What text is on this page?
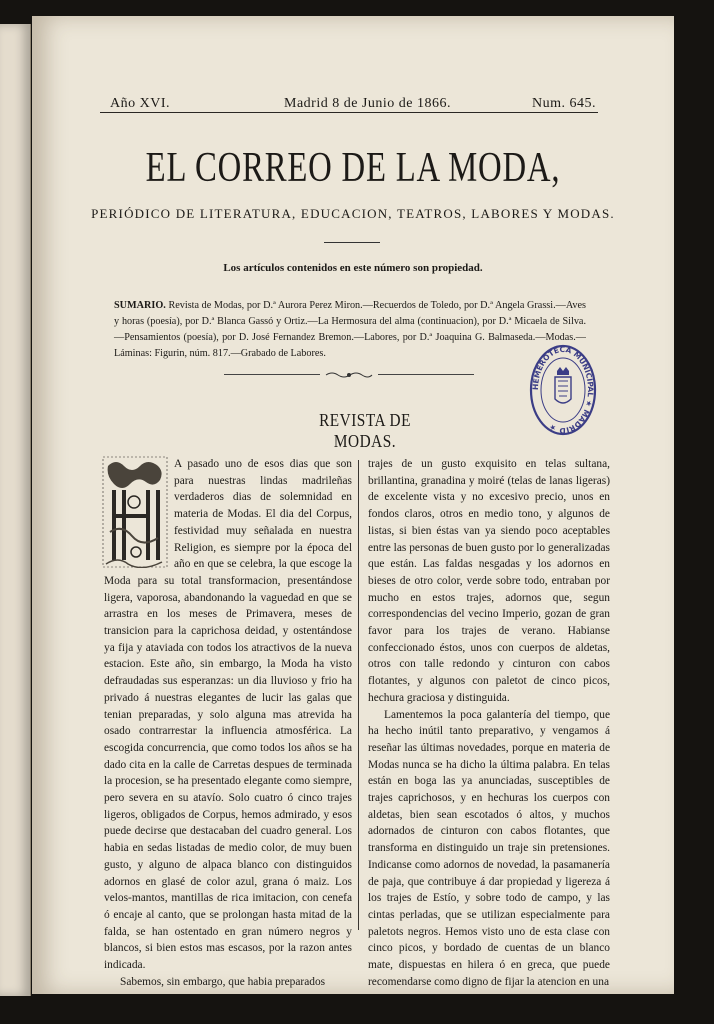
Año XVI.	Madrid 8 de Junio de 1866.	Num. 645.
EL CORREO DE LA MODA,
PERIÓDICO DE LITERATURA, EDUCACION, TEATROS, LABORES Y MODAS.
Los artículos contenidos en este número son propiedad.
SUMARIO. Revista de Modas, por D.ª Aurora Perez Miron.—Recuerdos de Toledo, por D.ª Angela Grassi.—Aves y horas (poesía), por D.ª Blanca Gassó y Ortiz.—La Hermosura del alma (continuacion), por D.ª Micaela de Silva.—Pensamientos (poesía), por D. José Fernandez Bremon.—Labores, por D.ª Joaquina G. Balmaseda.—Modas.—Láminas: Figurin, núm. 817.—Grabado de Labores.
HEMEROTECA MUNICIPAL ★ MADRID ★
REVISTA DE MODAS.

A pasado uno de esos dias que son para nuestras lindas madrileñas verdaderos dias de solemnidad en materia de Modas. El dia del Corpus, festividad muy señalada en nuestra Religion, es siempre por la época del año en que se celebra, la que escoge la Moda para su total transformacion, presentándose ligera, vaporosa, abandonando la vaguedad en que se arrastra en los meses de Primavera, meses de transicion para la caprichosa deidad, y ostentándose ya fija y ataviada con todos los atractivos de la nueva estacion. Este año, sin embargo, la Moda ha visto defraudadas sus esperanzas: un dia lluvioso y frio ha privado á nuestras elegantes de lucir las galas que tenian preparadas, y solo alguna mas atrevida ha osado contrarrestar la influencia atmosférica. La escogida concurrencia, que como todos los años se ha dado cita en la calle de Carretas despues de terminada la procesion, se ha presentado elegante como siempre, pero severa en su atavío. Solo cuatro ó cinco trajes ligeros, obligados de Corpus, hemos admirado, y esos puede decirse que destacaban del cuadro general. Los habia en sedas listadas de medio color, de muy buen gusto, y alguno de alpaca blanco con distinguidos adornos en glasé de color azul, grana ó maiz. Los velos-mantos, mantillas de rica imitacion, con cenefa ó encaje al canto, que se prolongan hasta mitad de la falda, se han ostentado en gran número negros y blancos, si bien estos mas escasos, por la razon antes indicada.

Sabemos, sin embargo, que habia preparados

trajes de un gusto exquisito en telas sultana, brillantina, granadina y moiré (telas de lanas ligeras) de excelente vista y no excesivo precio, unos en fondos claros, otros en medio tono, y algunos de listas, si bien éstas van ya siendo poco aceptables entre las personas de buen gusto por lo generalizadas que están. Las faldas nesgadas y los adornos en bieses de otro color, verde sobre todo, entraban por mucho en estos trajes, adornos que, segun correspondencias del vecino Imperio, gozan de gran favor para los trajes de verano. Habianse confeccionado éstos, unos con cuerpos de aldetas, otros con talle redondo y cinturon con cabos flotantes, y algunos con paletot de cinco picos, hechura graciosa y distinguida.

Lamentemos la poca galantería del tiempo, que ha hecho inútil tanto preparativo, y vengamos á reseñar las últimas novedades, porque en materia de Modas nunca se ha dicho la última palabra. En telas están en boga las ya anunciadas, susceptibles de trajes caprichosos, y en hechuras los cuerpos con aldetas, bien sean escotados ó altos, y muchos adornados de cinturon con cabos flotantes, que transforma en distinguido un traje sin pretensiones. Indicanse como adornos de novedad, la pasamanería de paja, que contribuye á dar propiedad y ligereza á los trajes de Estío, y sobre todo de campo, y las cintas perladas, que se utilizan especialmente para paletots negros. Hemos visto uno de esta clase con cinco picos, y bordado de cuentas de un blanco mate, dispuestas en hilera ó en greca, que puede recomendarse como digno de fijar la atencion en una
